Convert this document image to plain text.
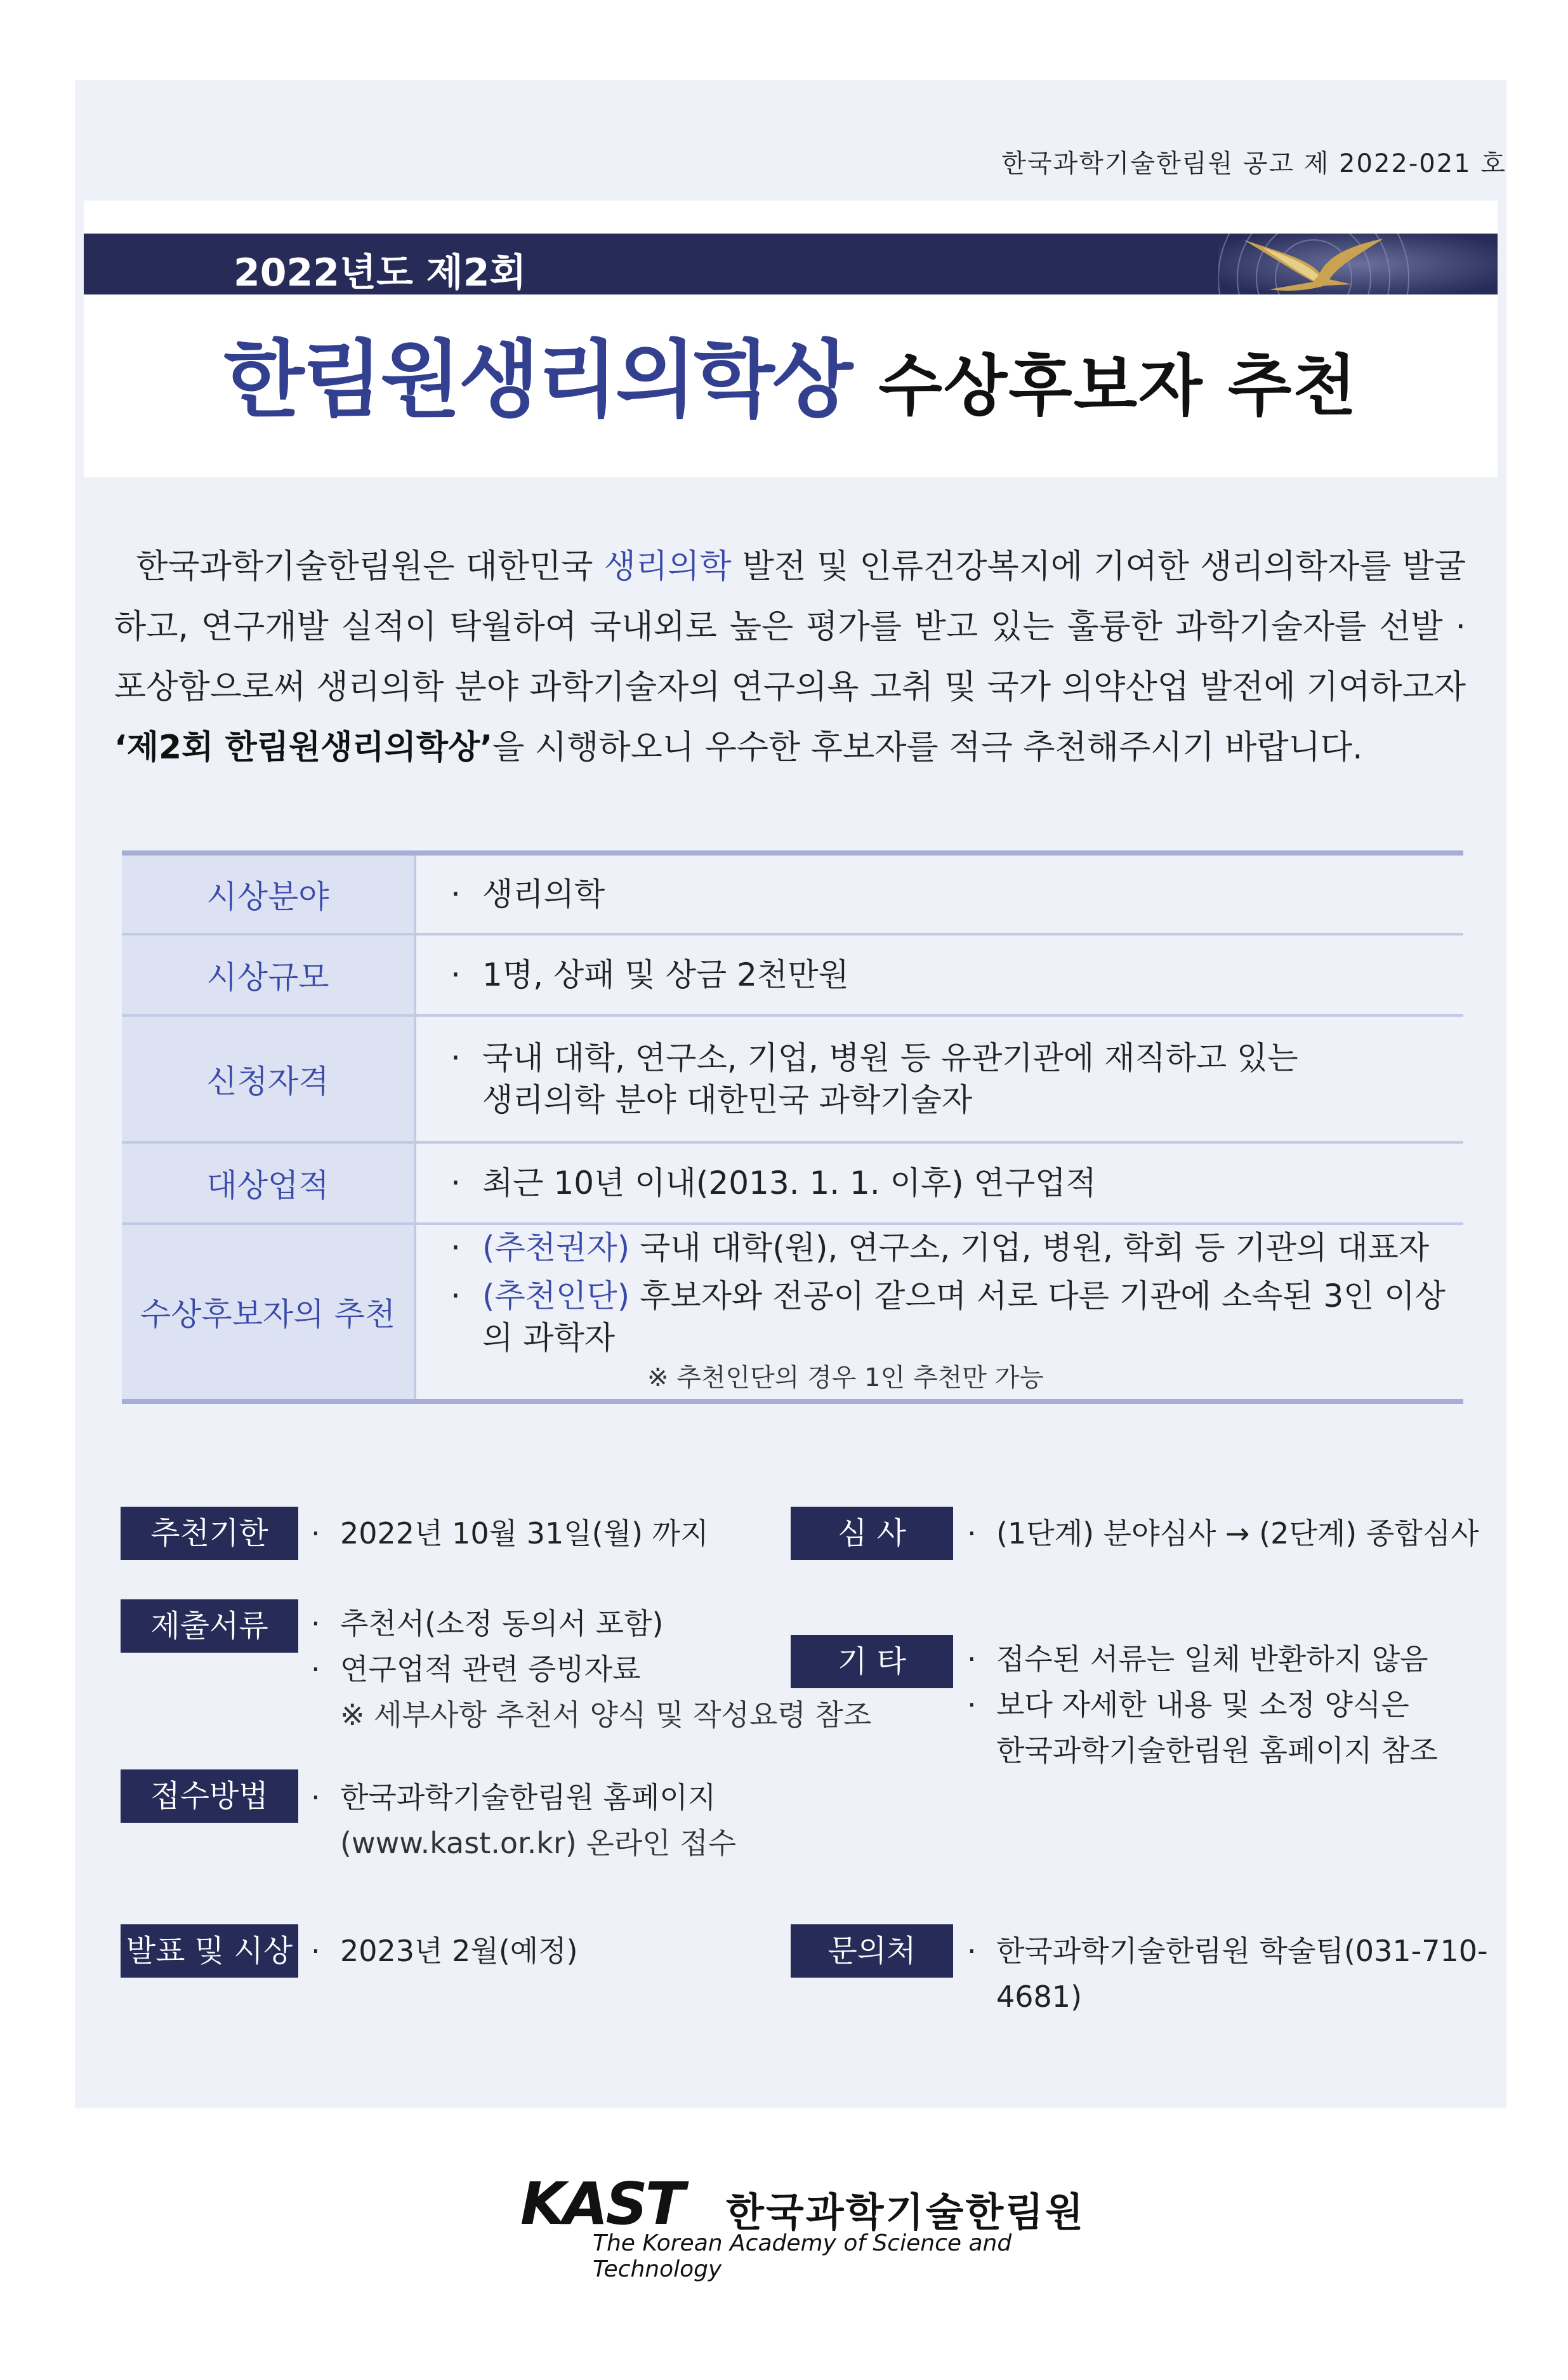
한국과학기술한림원 공고 제 2022-021 호
2022년도 제2회
한림원생리의학상 수상후보자 추천

한국과학기술한림원은 대한민국 생리의학 발전 및 인류건강복지에 기여한 생리의학자를 발굴하고, 연구개발 실적이 탁월하여 국내외로 높은 평가를 받고 있는 훌륭한 과학기술자를 선발 · 포상함으로써 생리의학 분야 과학기술자의 연구의욕 고취 및 국가 의약산업 발전에 기여하고자 ‘제2회 한림원생리의학상’을 시행하오니 우수한 후보자를 적극 추천해주시기 바랍니다.

시상분야	· 생리의학

시상규모	· 1명, 상패 및 상금 2천만원

신청자격	· 국내 대학, 연구소, 기업, 병원 등 유관기관에 재직하고 있는
생리의학 분야 대한민국 과학기술자

대상업적	· 최근 10년 이내(2013. 1. 1. 이후) 연구업적

수상후보자의 추천	· (추천권자) 국내 대학(원), 연구소, 기업, 병원, 학회 등 기관의 대표자
· (추천인단) 후보자와 전공이 같으며 서로 다른 기관에 소속된 3인 이상의 과학자
※ 추천인단의 경우 1인 추천만 가능
추천기한	· 2022년 10월 31일(월) 까지
제출서류	· 추천서(소정 동의서 포함)
· 연구업적 관련 증빙자료
※ 세부사항 추천서 양식 및 작성요령 참조
접수방법	· 한국과학기술한림원 홈페이지
(www.kast.or.kr) 온라인 접수
발표 및 시상 · 2023년 2월(예정)
심 사	· (1단계) 분야심사 → (2단계) 종합심사
기 타	· 접수된 서류는 일체 반환하지 않음
· 보다 자세한 내용 및 소정 양식은
한국과학기술한림원 홈페이지 참조
문의처	· 한국과학기술한림원 학술팀(031-710-4681)
KAST 한국과학기술한림원
The Korean Academy of Science and Technology
